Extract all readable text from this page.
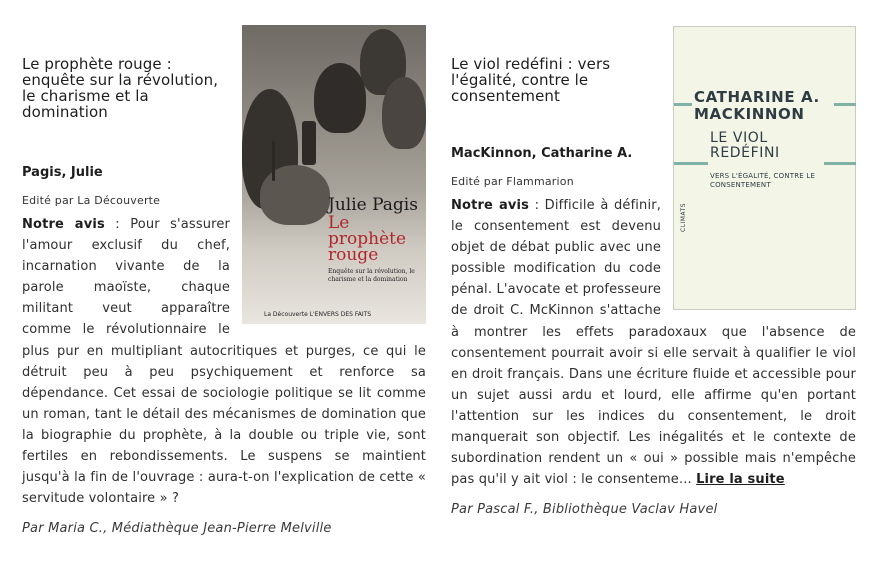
Julie Pagis
Le prophète rouge
Enquête sur la révolution, le charisme et la domination
La Découverte L'ENVERS DES FAITS
Le prophète rouge : enquête sur la révolution, le charisme et la domination

Pagis, Julie

Edité par La Découverte

Notre avis : Pour s'assurer l'amour exclusif du chef, incarnation vivante de la parole maoïste, chaque militant veut apparaître comme le révolutionnaire le plus pur en multipliant autocritiques et purges, ce qui le détruit peu à peu psychiquement et renforce sa dépendance. Cet essai de sociologie politique se lit comme un roman, tant le détail des mécanismes de domination que la biographie du prophète, à la double ou triple vie, sont fertiles en rebondissements. Le suspens se maintient jusqu'à la fin de l'ouvrage : aura-t-on l'explication de cette « servitude volontaire » ?

Par Maria C., Médiathèque Jean-Pierre Melville

CATHARINE A. MACKINNON
LE VIOL REDÉFINI
VERS L'ÉGALITÉ, CONTRE LE CONSENTEMENT
CLIMATS
Le viol redéfini : vers l'égalité, contre le consentement

MacKinnon, Catharine A.

Edité par Flammarion

Notre avis : Difficile à définir, le consentement est devenu objet de débat public avec une possible modification du code pénal. L'avocate et professeure de droit C. McKinnon s'attache à montrer les effets paradoxaux que l'absence de consentement pourrait avoir si elle servait à qualifier le viol en droit français. Dans une écriture fluide et accessible pour un sujet aussi ardu et lourd, elle affirme qu'en portant l'attention sur les indices du consentement, le droit manquerait son objectif. Les inégalités et le contexte de subordination rendent un « oui » possible mais n'empêche pas qu'il y ait viol : le consenteme... Lire la suite

Par Pascal F., Bibliothèque Vaclav Havel
